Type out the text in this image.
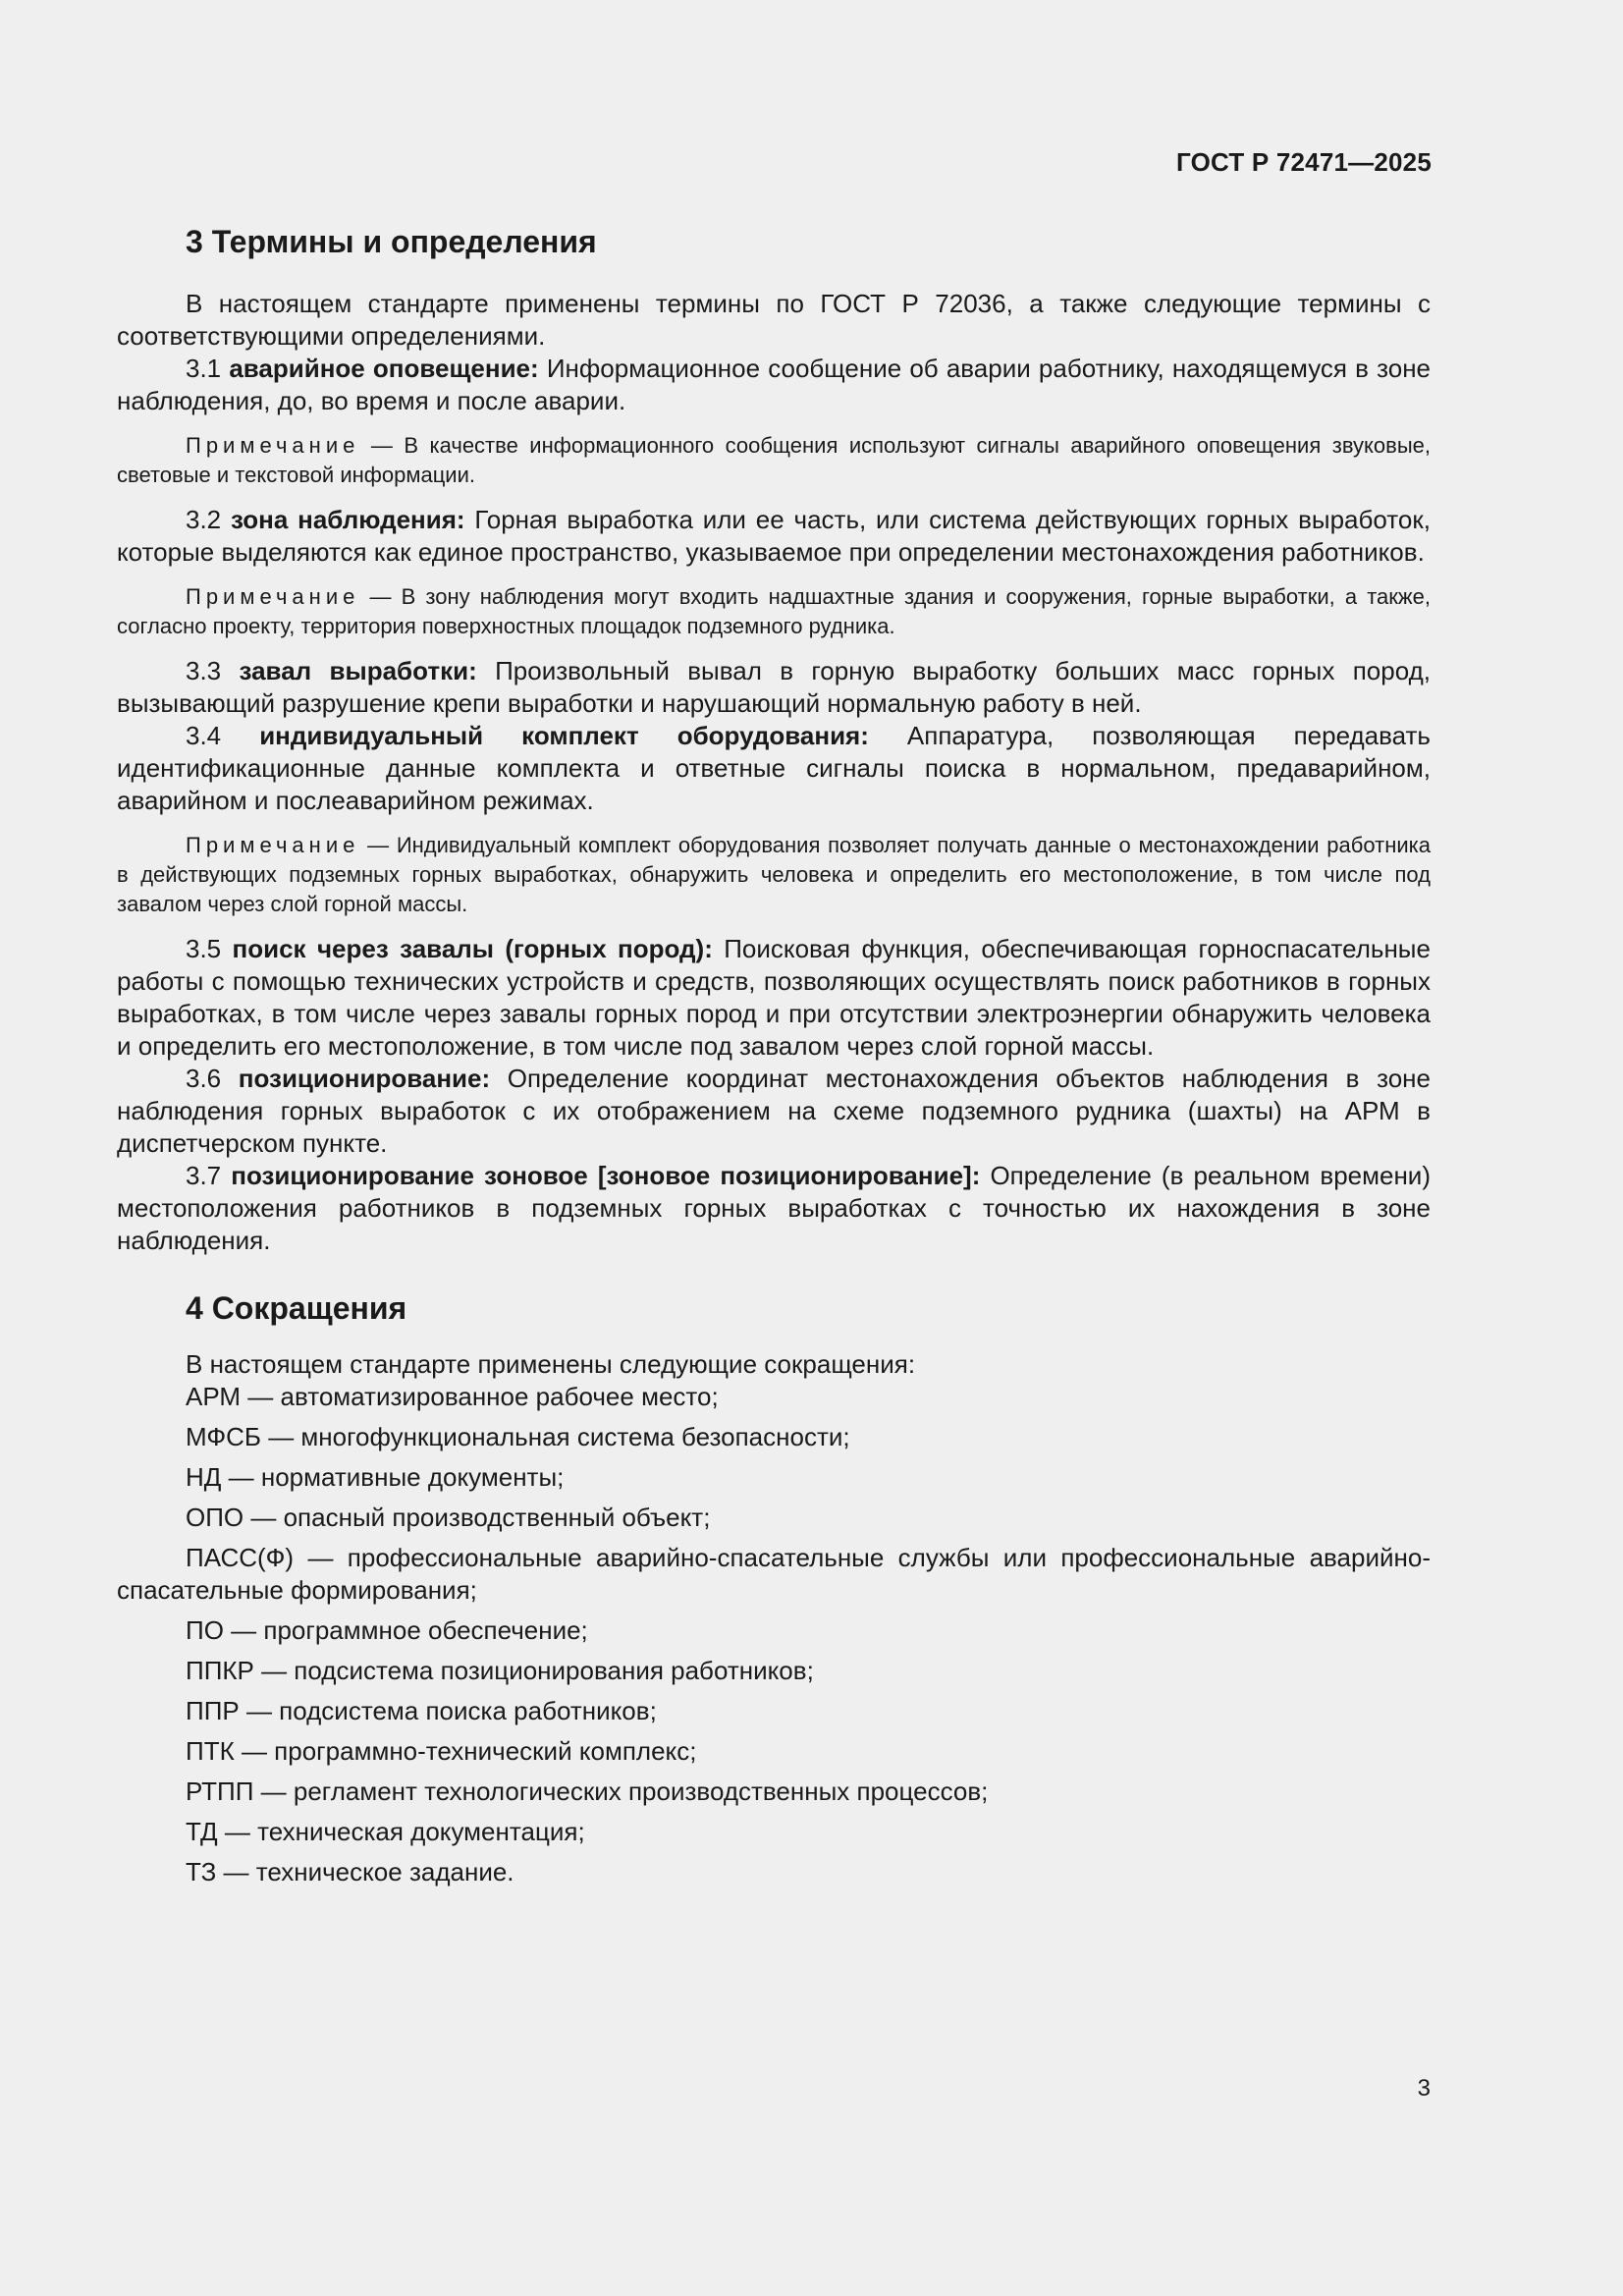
ГОСТ Р 72471—2025
3 Термины и определения

В настоящем стандарте применены термины по ГОСТ Р 72036, а также следующие термины с соответствующими определениями.

3.1 аварийное оповещение: Информационное сообщение об аварии работнику, находящемуся в зоне наблюдения, до, во время и после аварии.

Примечание — В качестве информационного сообщения используют сигналы аварийного оповещения звуковые, световые и текстовой информации.

3.2 зона наблюдения: Горная выработка или ее часть, или система действующих горных выработок, которые выделяются как единое пространство, указываемое при определении местонахождения работников.

Примечание — В зону наблюдения могут входить надшахтные здания и сооружения, горные выработки, а также, согласно проекту, территория поверхностных площадок подземного рудника.

3.3 завал выработки: Произвольный вывал в горную выработку больших масс горных пород, вызывающий разрушение крепи выработки и нарушающий нормальную работу в ней.

3.4 индивидуальный комплект оборудования: Аппаратура, позволяющая передавать идентификационные данные комплекта и ответные сигналы поиска в нормальном, предаварийном, аварийном и послеаварийном режимах.

Примечание — Индивидуальный комплект оборудования позволяет получать данные о местонахождении работника в действующих подземных горных выработках, обнаружить человека и определить его местоположение, в том числе под завалом через слой горной массы.

3.5 поиск через завалы (горных пород): Поисковая функция, обеспечивающая горноспасательные работы с помощью технических устройств и средств, позволяющих осуществлять поиск работников в горных выработках, в том числе через завалы горных пород и при отсутствии электроэнергии обнаружить человека и определить его местоположение, в том числе под завалом через слой горной массы.

3.6 позиционирование: Определение координат местонахождения объектов наблюдения в зоне наблюдения горных выработок с их отображением на схеме подземного рудника (шахты) на АРМ в диспетчерском пункте.

3.7 позиционирование зоновое [зоновое позиционирование]: Определение (в реальном времени) местоположения работников в подземных горных выработках с точностью их нахождения в зоне наблюдения.

4 Сокращения

В настоящем стандарте применены следующие сокращения:

АРМ — автоматизированное рабочее место;

МФСБ — многофункциональная система безопасности;

НД — нормативные документы;

ОПО — опасный производственный объект;

ПАСС(Ф) — профессиональные аварийно-спасательные службы или профессиональные аварийно-спасательные формирования;

ПО — программное обеспечение;

ППКР — подсистема позиционирования работников;

ППР — подсистема поиска работников;

ПТК — программно-технический комплекс;

РТПП — регламент технологических производственных процессов;

ТД — техническая документация;

ТЗ — техническое задание.

3
